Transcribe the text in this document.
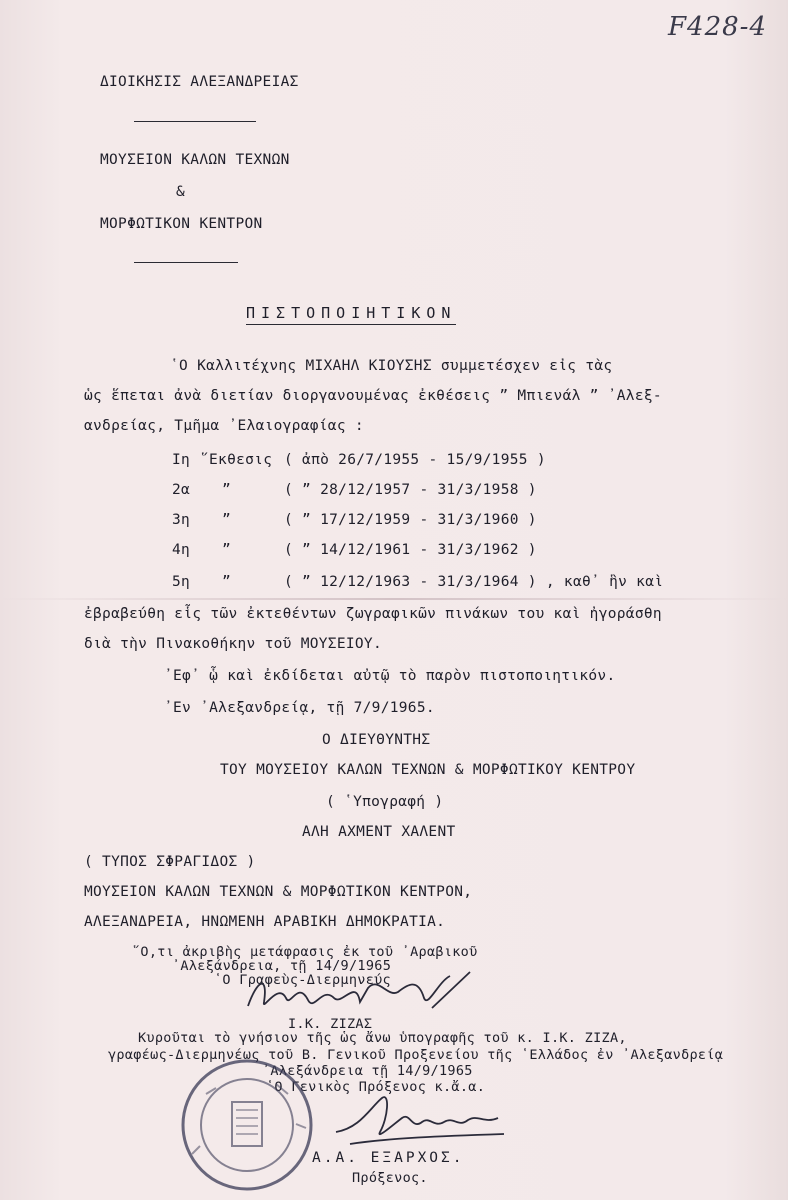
F428-4
ΔΙΟΙΚΗΣΙΣ ΑΛΕΞΑΝΔΡΕΙΑΣ
ΜΟΥΣΕΙΟΝ ΚΑΛΩΝ ΤΕΧΝΩΝ
&
ΜΟΡΦΩΤΙΚΟΝ ΚΕΝΤΡΟΝ
ΠΙΣΤΟΠΟΙΗΤΙΚΟΝ
῾Ο Καλλιτέχνης ΜΙΧΑΗΛ ΚΙΟΥΣΗΣ συμμετέσχεν εἰς τὰς
ὡς ἕπεται ἀνὰ διετίαν διοργανουμένας ἐκθέσεις ” Μπιενάλ ” ᾿Αλεξ-
ανδρείας, Τμῆμα ᾿Ελαιογραφίας :
Iη ῞Εκθεσις ( ἀπὸ 26/7/1955 - 15/9/1955 )
2α ”	( ” 28/12/1957 - 31/3/1958 )
3η ”	( ” 17/12/1959 - 31/3/1960 )
4η ”	( ” 14/12/1961 - 31/3/1962 )
5η ”	( ” 12/12/1963 - 31/3/1964 ) , καθ᾿ ἣν καὶ
ἐβραβεύθη εἷς τῶν ἐκτεθέντων ζωγραφικῶν πινάκων του καὶ ἠγοράσθη
διὰ τὴν Πινακοθήκην τοῦ ΜΟΥΣΕΙΟΥ.
᾿Εφ᾿ ᾧ καὶ ἐκδίδεται αὐτῷ τὸ παρὸν πιστοποιητικόν.
᾿Εν ᾿Αλεξανδρείᾳ, τῇ 7/9/1965.
Ο ΔΙΕΥΘΥΝΤΗΣ
ΤΟΥ ΜΟΥΣΕΙΟΥ ΚΑΛΩΝ ΤΕΧΝΩΝ & ΜΟΡΦΩΤΙΚΟΥ ΚΕΝΤΡΟΥ
( ῾Υπογραφή )
ΑΛΗ ΑΧΜΕΝΤ ΧΑΛΕΝΤ
( ΤΥΠΟΣ ΣΦΡΑΓΙΔΟΣ )
ΜΟΥΣΕΙΟΝ ΚΑΛΩΝ ΤΕΧΝΩΝ & ΜΟΡΦΩΤΙΚΟΝ ΚΕΝΤΡΟΝ,
ΑΛΕΞΑΝΔΡΕΙΑ, ΗΝΩΜΕΝΗ ΑΡΑΒΙΚΗ ΔΗΜΟΚΡΑΤΙΑ.
῞Ο,τι ἀκριβὴς μετάφρασις ἐκ τοῦ ᾿Αραβικοῦ
᾿Αλεξάνδρεια, τῇ 14/9/1965
῾Ο Γραφεὺς-Διερμηνεύς
Ι.Κ. ΖΙΖΑΣ
Κυροῦται τὸ γνήσιον τῆς ὡς ἄνω ὑπογραφῆς τοῦ κ. Ι.Κ. ΖΙΖΑ,
γραφέως-Διερμηνέως τοῦ Β. Γενικοῦ Προξενείου τῆς ῾Ελλάδος ἐν ᾿Αλεξανδρείᾳ
᾿Αλεξάνδρεια τῇ 14/9/1965
῾Ο Γενικὸς Πρόξενος κ.ἄ.α.
Α.Α. ΕΞΑΡΧΟΣ.
Πρόξενος.
